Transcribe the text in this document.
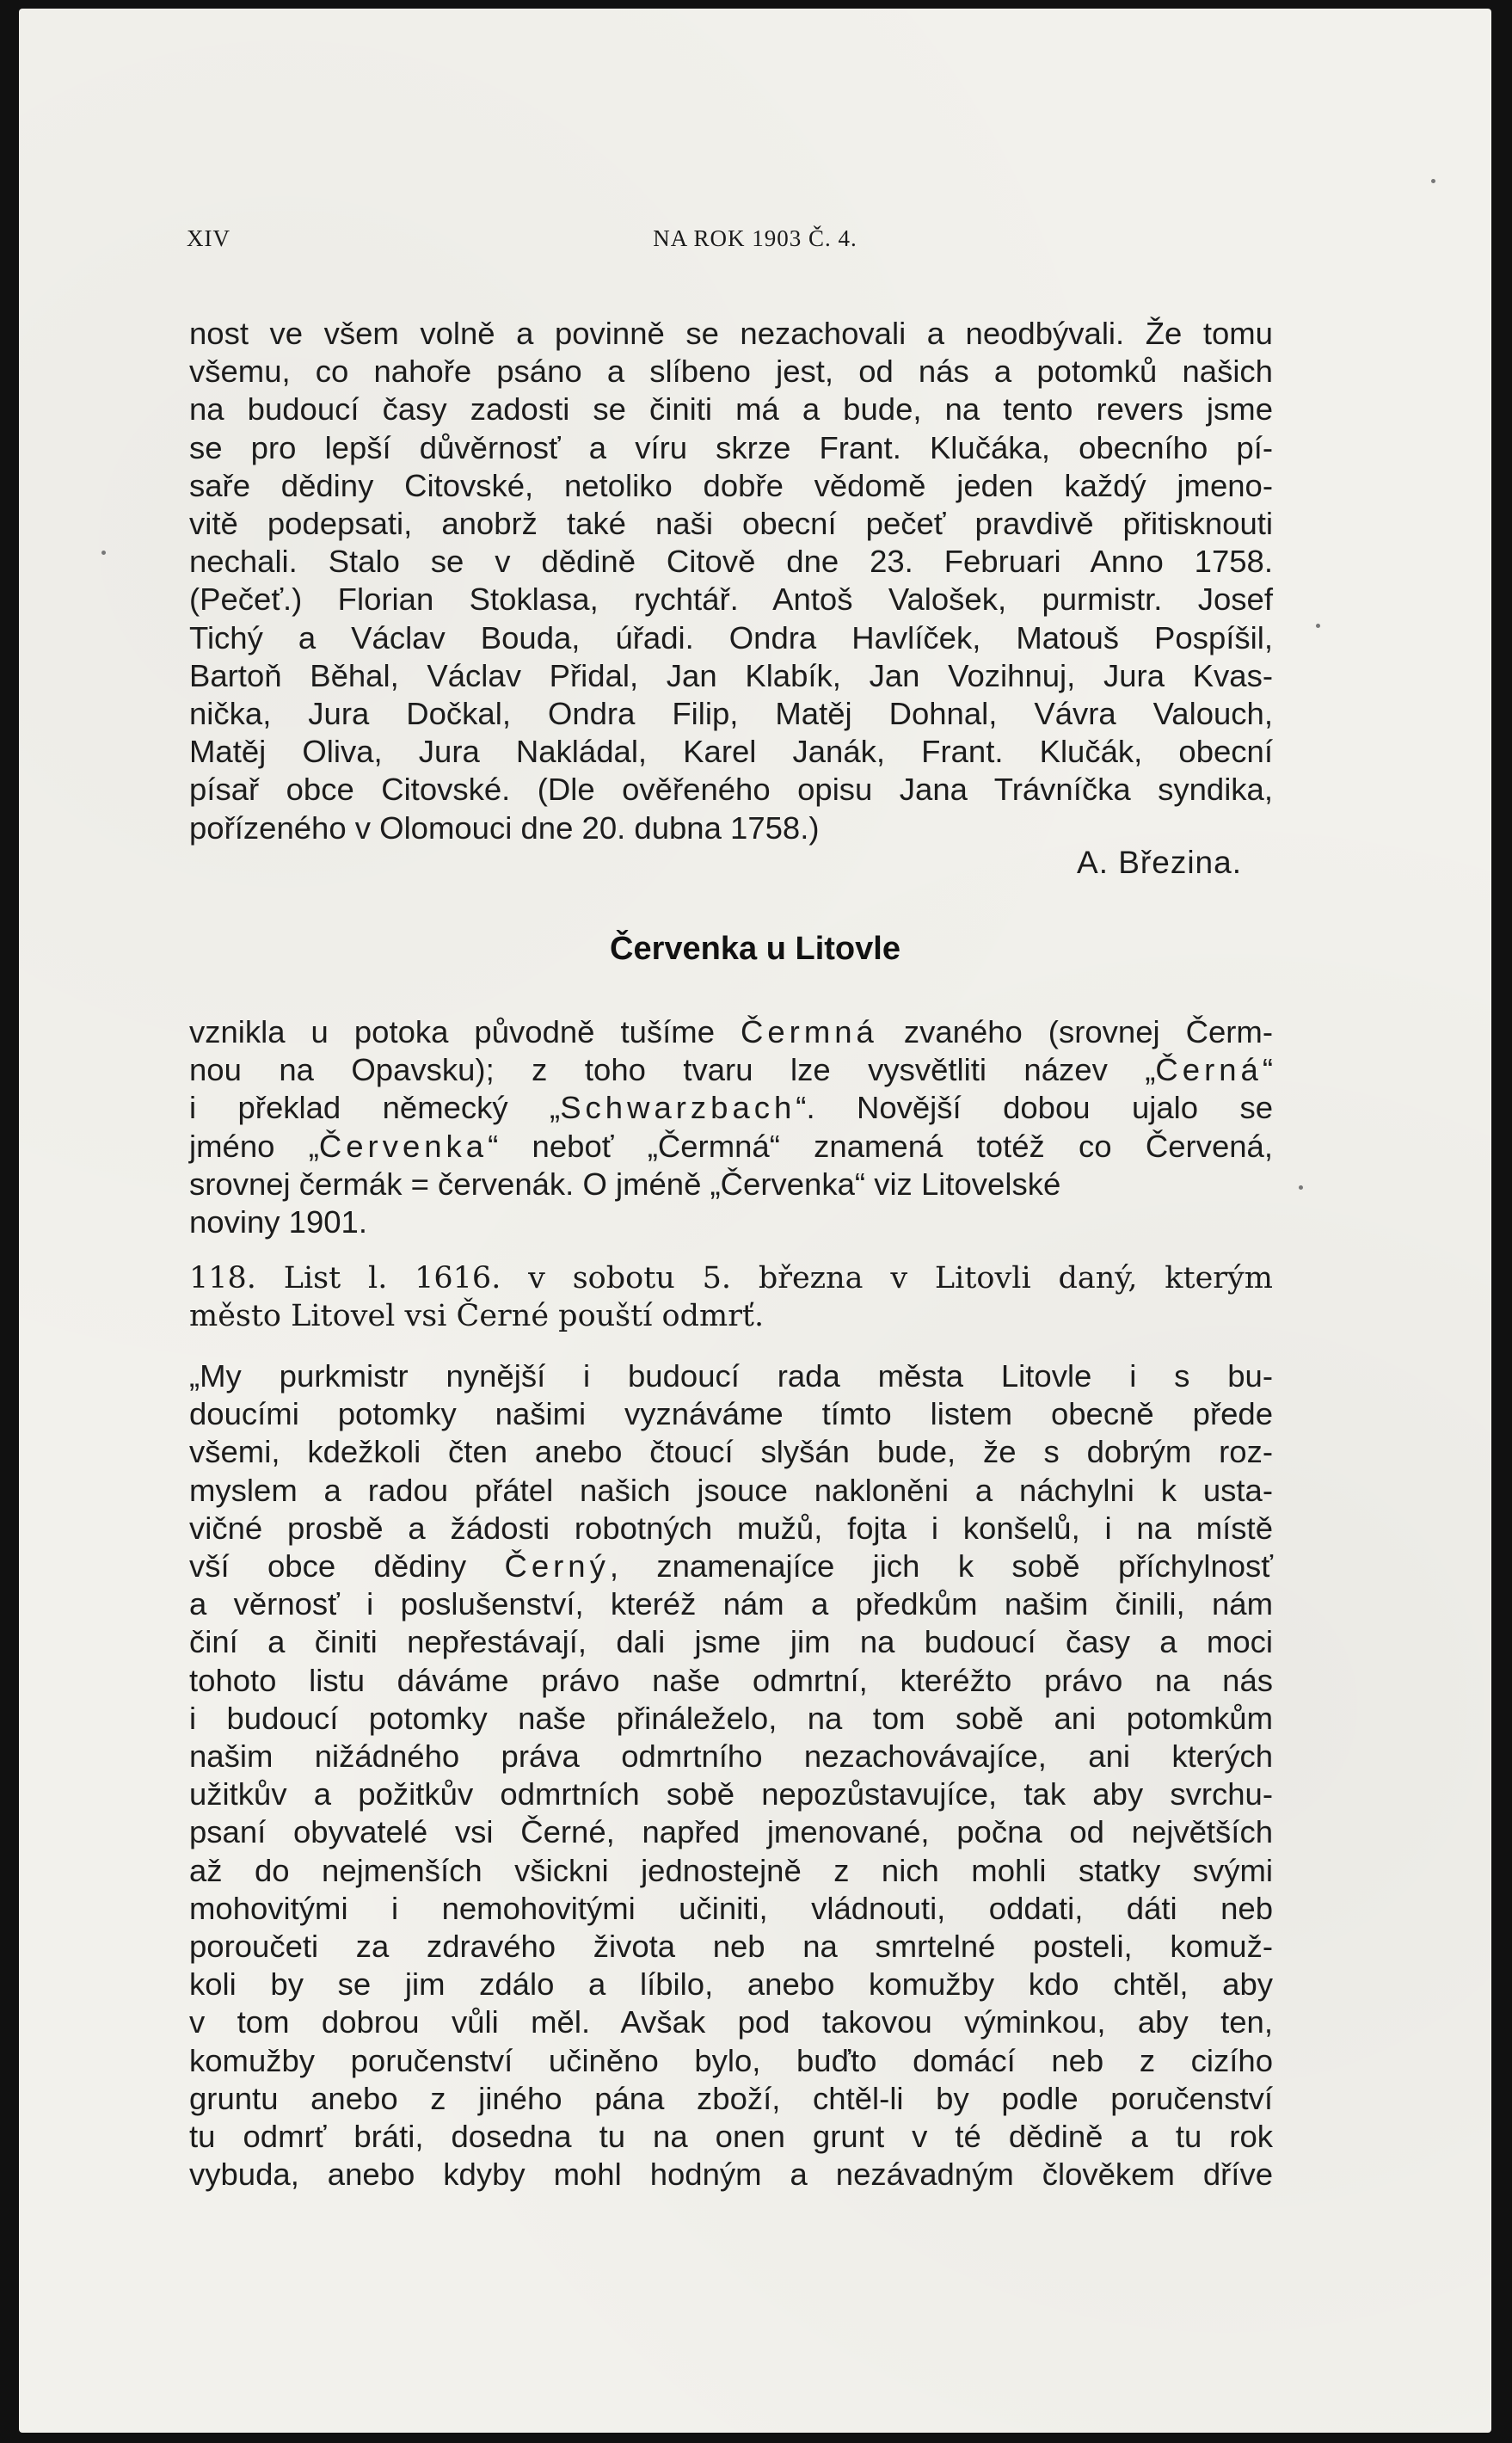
XIV	NA ROK 1903 Č. 4.
nost ve všem volně a povinně se nezachovali a neodbývali. Že tomu
všemu, co nahoře psáno a slíbeno jest, od nás a potomků našich
na budoucí časy zadosti se činiti má a bude, na tento revers jsme
se pro lepší důvěrnosť a víru skrze Frant. Klučáka, obecního pí-
saře dědiny Citovské, netoliko dobře vědomě jeden každý jmeno-
vitě podepsati, anobrž také naši obecní pečeť pravdivě přitisknouti
nechali. Stalo se v dědině Citově dne 23. Februari Anno 1758.
(Pečeť.) Florian Stoklasa, rychtář. Antoš Valošek, purmistr. Josef
Tichý a Václav Bouda, úřadi. Ondra Havlíček, Matouš Pospíšil,
Bartoň Běhal, Václav Přidal, Jan Klabík, Jan Vozihnuj, Jura Kvas-
nička, Jura Dočkal, Ondra Filip, Matěj Dohnal, Vávra Valouch,
Matěj Oliva, Jura Nakládal, Karel Janák, Frant. Klučák, obecní
písař obce Citovské. (Dle ověřeného opisu Jana Trávníčka syndika,
pořízeného v Olomouci dne 20. dubna 1758.)
A. Březina.
Červenka u Litovle
vznikla u potoka původně tušíme Čermná zvaného (srovnej Čerm-
nou na Opavsku); z toho tvaru lze vysvětliti název „Černá“
i překlad německý „Schwarzbach“. Novější dobou ujalo se
jméno „Červenka“ neboť „Čermná“ znamená totéž co Červená,
srovnej čermák = červenák. O jméně „Červenka“ viz Litovelské
noviny 1901.
118. List l. 1616. v sobotu 5. března v Litovli daný, kterým
město Litovel vsi Černé pouští odmrť.
„My purkmistr nynější i budoucí rada města Litovle i s bu-
doucími potomky našimi vyznáváme tímto listem obecně přede
všemi, kdežkoli čten anebo čtoucí slyšán bude, že s dobrým roz-
myslem a radou přátel našich jsouce nakloněni a náchylni k usta-
vičné prosbě a žádosti robotných mužů, fojta i konšelů, i na místě
vší obce dědiny Černý, znamenajíce jich k sobě příchylnosť
a věrnosť i poslušenství, kteréž nám a předkům našim činili, nám
činí a činiti nepřestávají, dali jsme jim na budoucí časy a moci
tohoto listu dáváme právo naše odmrtní, kteréžto právo na nás
i budoucí potomky naše přináleželo, na tom sobě ani potomkům
našim nižádného práva odmrtního nezachovávajíce, ani kterých
užitkův a požitkův odmrtních sobě nepozůstavujíce, tak aby svrchu-
psaní obyvatelé vsi Černé, napřed jmenované, počna od největších
až do nejmenších všickni jednostejně z nich mohli statky svými
mohovitými i nemohovitými učiniti, vládnouti, oddati, dáti neb
poroučeti za zdravého života neb na smrtelné posteli, komuž-
koli by se jim zdálo a líbilo, anebo komužby kdo chtěl, aby
v tom dobrou vůli měl. Avšak pod takovou výminkou, aby ten,
komužby poručenství učiněno bylo, buďto domácí neb z cizího
gruntu anebo z jiného pána zboží, chtěl-li by podle poručenství
tu odmrť bráti, dosedna tu na onen grunt v té dědině a tu rok
vybuda, anebo kdyby mohl hodným a nezávadným člověkem dříve
